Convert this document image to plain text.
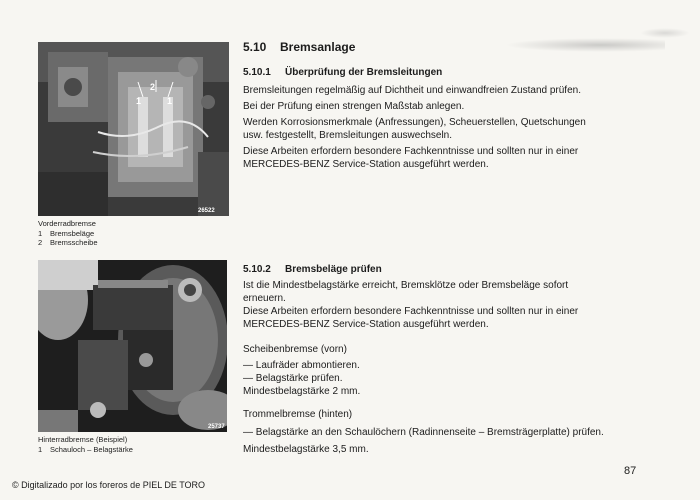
1
2
1
26522
Vorderradbremse
1	Bremsbeläge
2	Bremsscheibe
25737
Hinterradbremse (Beispiel)
1	Schauloch – Belagstärke
5.10 Bremsanlage
5.10.1 Überprüfung der Bremsleitungen

Bremsleitungen regelmäßig auf Dichtheit und einwandfreien Zustand prüfen.

Bei der Prüfung einen strengen Maßstab anlegen.

Werden Korrosionsmerkmale (Anfressungen), Scheuerstellen, Quetschungen

usw. festgestellt, Bremsleitungen auswechseln.

Diese Arbeiten erfordern besondere Fachkenntnisse und sollten nur in einer

MERCEDES-BENZ Service-Station ausgeführt werden.

5.10.2 Bremsbeläge prüfen

Ist die Mindestbelagstärke erreicht, Bremsklötze oder Bremsbeläge sofort

erneuern.

Diese Arbeiten erfordern besondere Fachkenntnisse und sollten nur in einer

MERCEDES-BENZ Service-Station ausgeführt werden.

Scheibenbremse (vorn)

— Laufräder abmontieren.

— Belagstärke prüfen.

Mindestbelagstärke 2 mm.

Trommelbremse (hinten)

— Belagstärke an den Schaulöchern (Radinnenseite – Bremsträgerplatte) prüfen.

Mindestbelagstärke 3,5 mm.

87
© Digitalizado por los foreros de PIEL DE TORO
